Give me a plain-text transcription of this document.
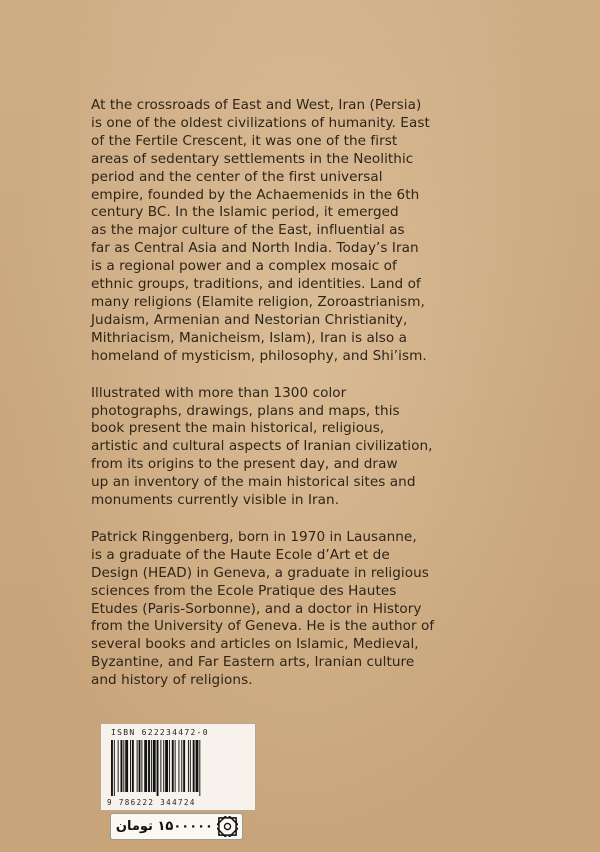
At the crossroads of East and West, Iran (Persia)
is one of the oldest civilizations of humanity. East
of the Fertile Crescent, it was one of the first
areas of sedentary settlements in the Neolithic
period and the center of the first universal
empire, founded by the Achaemenids in the 6th
century BC. In the Islamic period, it emerged
as the major culture of the East, influential as
far as Central Asia and North India. Today’s Iran
is a regional power and a complex mosaic of
ethnic groups, traditions, and identities. Land of
many religions (Elamite religion, Zoroastrianism,
Judaism, Armenian and Nestorian Christianity,
Mithriacism, Manicheism, Islam), Iran is also a
homeland of mysticism, philosophy, and Shi’ism.

Illustrated with more than 1300 color
photographs, drawings, plans and maps, this
book present the main historical, religious,
artistic and cultural aspects of Iranian civilization,
from its origins to the present day, and draw
up an inventory of the main historical sites and
monuments currently visible in Iran.

Patrick Ringgenberg, born in 1970 in Lausanne,
is a graduate of the Haute Ecole d’Art et de
Design (HEAD) in Geneva, a graduate in religious
sciences from the Ecole Pratique des Hautes
Etudes (Paris-Sorbonne), and a doctor in History
from the University of Geneva. He is the author of
several books and articles on Islamic, Medieval,
Byzantine, and Far Eastern arts, Iranian culture
and history of religions.

ISBN 622234472-0
9 786222 344724
۱۵۰۰۰۰۰ تومان
